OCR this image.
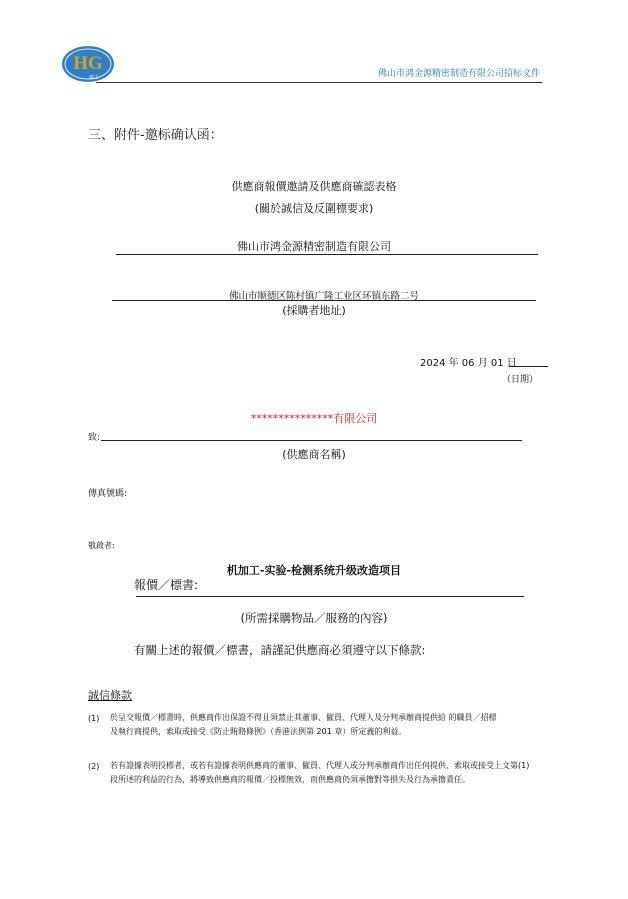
HG
鴻工	佛山市鸿金源精密制造有限公司招标文件
三、附件-邀标确认函：
供應商報價邀請及供應商確認表格
(關於誠信及反圍標要求)
佛山市鸿金源精密制造有限公司
佛山市顺德区陈村镇广隆工业区环镇东路二号
(採購者地址)
2024 年 06 月 01 日
（日期）
***************有限公司
致:
(供應商名稱)
傳真號碼:
敬啟者:
机加工-实验-检测系统升级改造项目
報價／標書:
(所需採購物品／服務的內容)
有關上述的報價／標書，請謹記供應商必須遵守以下條款:
誠信條款
(1) 於呈交報價／標書時，供應商作出保證不得且須禁止其董事、僱員、代理人及分判承辦商提供給 的職員／招標
及執行商提供，索取或接受《防止賄賂條例》（香港法例第 201 章）所定義的利益。
(2) 若有證據表明投標者，或若有證據表明供應商的董事、僱員、代理人或分判承辦商作出任何提供、索取或接受上文第(1)
段所述的利益的行為，將導致供應商的報價／投標無效，而供應商仍須承擔對等損失及行為承擔責任。
